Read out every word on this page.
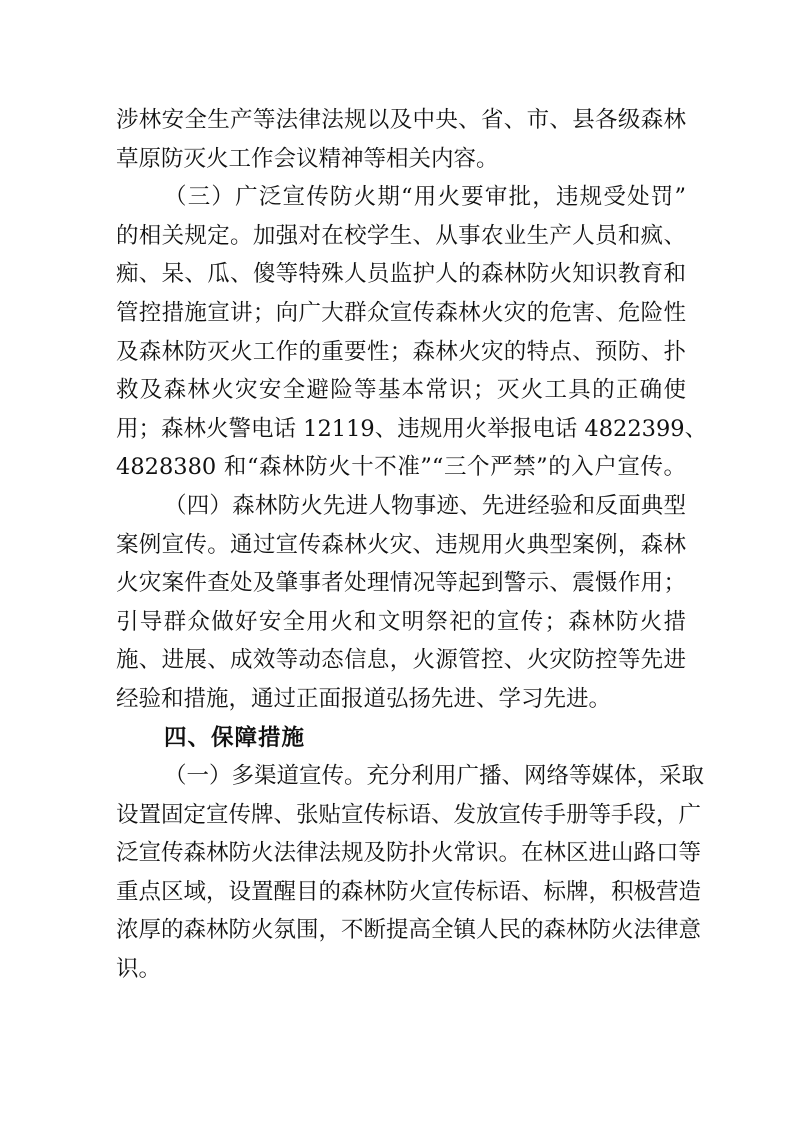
涉林安全生产等法律法规以及中央、省、市、县各级森林
草原防灭火工作会议精神等相关内容。
（三）广泛宣传防火期“用火要审批，违规受处罚”
的相关规定。加强对在校学生、从事农业生产人员和疯、
痴、呆、瓜、傻等特殊人员监护人的森林防火知识教育和
管控措施宣讲；向广大群众宣传森林火灾的危害、危险性
及森林防灭火工作的重要性；森林火灾的特点、预防、扑
救及森林火灾安全避险等基本常识；灭火工具的正确使
用；森林火警电话 12119、违规用火举报电话 4822399、
4828380 和“森林防火十不准”“三个严禁”的入户宣传。
（四）森林防火先进人物事迹、先进经验和反面典型
案例宣传。通过宣传森林火灾、违规用火典型案例，森林
火灾案件查处及肇事者处理情况等起到警示、震慑作用；
引导群众做好安全用火和文明祭祀的宣传；森林防火措
施、进展、成效等动态信息，火源管控、火灾防控等先进
经验和措施，通过正面报道弘扬先进、学习先进。
四、保障措施
（一）多渠道宣传。充分利用广播、网络等媒体，采取
设置固定宣传牌、张贴宣传标语、发放宣传手册等手段，广
泛宣传森林防火法律法规及防扑火常识。在林区进山路口等
重点区域，设置醒目的森林防火宣传标语、标牌，积极营造
浓厚的森林防火氛围，不断提高全镇人民的森林防火法律意
识。
